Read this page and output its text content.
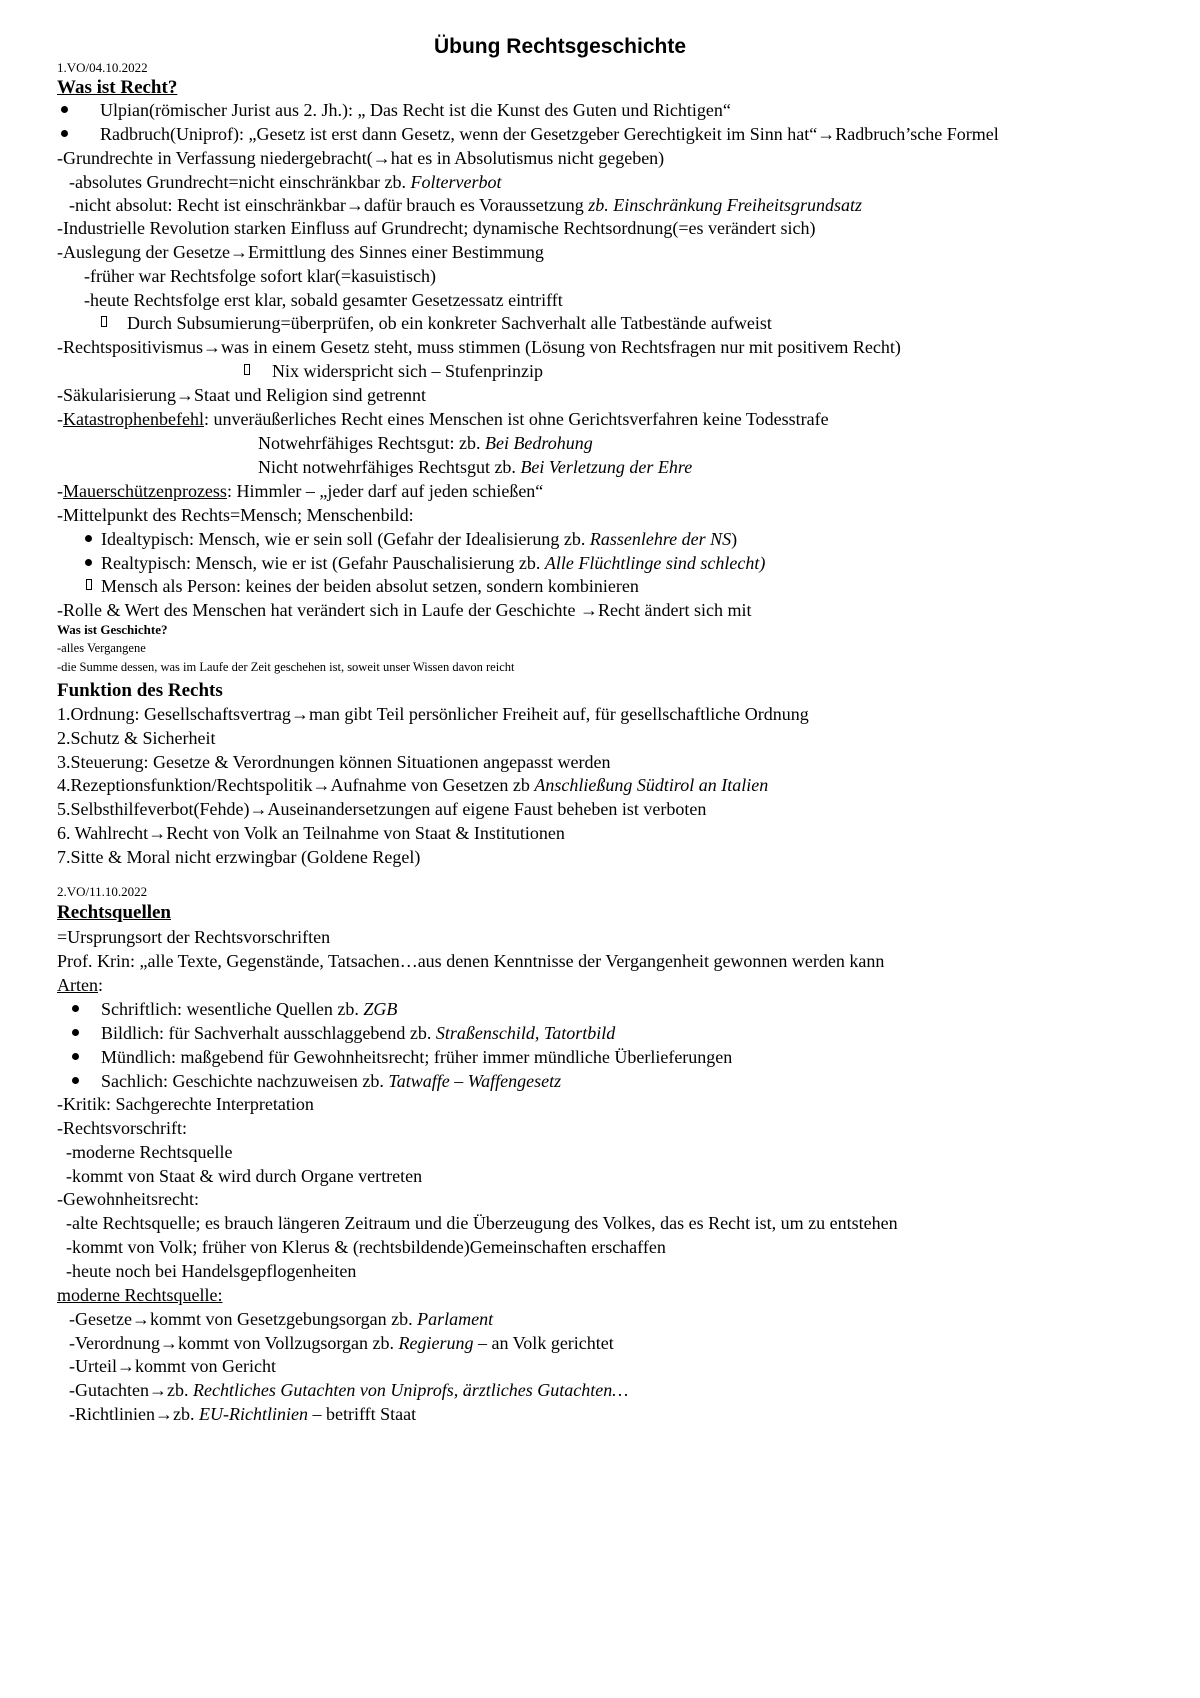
Übung Rechtsgeschichte
1.VO/04.10.2022
Was ist Recht?
Ulpian(römischer Jurist aus 2. Jh.): „ Das Recht ist die Kunst des Guten und Richtigen“
Radbruch(Uniprof): „Gesetz ist erst dann Gesetz, wenn der Gesetzgeber Gerechtigkeit im Sinn hat“→Radbruch’sche Formel
-Grundrechte in Verfassung niedergebracht(→hat es in Absolutismus nicht gegeben)
-absolutes Grundrecht=nicht einschränkbar zb. Folterverbot
-nicht absolut: Recht ist einschränkbar→dafür brauch es Voraussetzung zb. Einschränkung Freiheitsgrundsatz
-Industrielle Revolution starken Einfluss auf Grundrecht; dynamische Rechtsordnung(=es verändert sich)
-Auslegung der Gesetze→Ermittlung des Sinnes einer Bestimmung
-früher war Rechtsfolge sofort klar(=kasuistisch)
-heute Rechtsfolge erst klar, sobald gesamter Gesetzessatz eintrifft
Durch Subsumierung=überprüfen, ob ein konkreter Sachverhalt alle Tatbestände aufweist
-Rechtspositivismus→was in einem Gesetz steht, muss stimmen (Lösung von Rechtsfragen nur mit positivem Recht)
Nix widerspricht sich – Stufenprinzip
-Säkularisierung→Staat und Religion sind getrennt
-Katastrophenbefehl: unveräußerliches Recht eines Menschen ist ohne Gerichtsverfahren keine Todesstrafe
Notwehrfähiges Rechtsgut: zb. Bei Bedrohung
Nicht notwehrfähiges Rechtsgut zb. Bei Verletzung der Ehre
-Mauerschützenprozess: Himmler – „jeder darf auf jeden schießen“
-Mittelpunkt des Rechts=Mensch; Menschenbild:
Idealtypisch: Mensch, wie er sein soll (Gefahr der Idealisierung zb. Rassenlehre der NS)
Realtypisch: Mensch, wie er ist (Gefahr Pauschalisierung zb. Alle Flüchtlinge sind schlecht)
Mensch als Person: keines der beiden absolut setzen, sondern kombinieren
-Rolle & Wert des Menschen hat verändert sich in Laufe der Geschichte →Recht ändert sich mit
Was ist Geschichte?
-alles Vergangene
-die Summe dessen, was im Laufe der Zeit geschehen ist, soweit unser Wissen davon reicht
Funktion des Rechts
1.Ordnung: Gesellschaftsvertrag→man gibt Teil persönlicher Freiheit auf, für gesellschaftliche Ordnung
2.Schutz & Sicherheit
3.Steuerung: Gesetze & Verordnungen können Situationen angepasst werden
4.Rezeptionsfunktion/Rechtspolitik→Aufnahme von Gesetzen zb Anschließung Südtirol an Italien
5.Selbsthilfeverbot(Fehde)→Auseinandersetzungen auf eigene Faust beheben ist verboten
6. Wahlrecht→Recht von Volk an Teilnahme von Staat & Institutionen
7.Sitte & Moral nicht erzwingbar (Goldene Regel)
2.VO/11.10.2022
Rechtsquellen
=Ursprungsort der Rechtsvorschriften
Prof. Krin: „alle Texte, Gegenstände, Tatsachen…aus denen Kenntnisse der Vergangenheit gewonnen werden kann
Arten:
Schriftlich: wesentliche Quellen zb. ZGB
Bildlich: für Sachverhalt ausschlaggebend zb. Straßenschild, Tatortbild
Mündlich: maßgebend für Gewohnheitsrecht; früher immer mündliche Überlieferungen
Sachlich: Geschichte nachzuweisen zb. Tatwaffe – Waffengesetz
-Kritik: Sachgerechte Interpretation
-Rechtsvorschrift:
-moderne Rechtsquelle
-kommt von Staat & wird durch Organe vertreten
-Gewohnheitsrecht:
-alte Rechtsquelle; es brauch längeren Zeitraum und die Überzeugung des Volkes, das es Recht ist, um zu entstehen
-kommt von Volk; früher von Klerus & (rechtsbildende)Gemeinschaften erschaffen
-heute noch bei Handelsgepflogenheiten
moderne Rechtsquelle:
-Gesetze→kommt von Gesetzgebungsorgan zb. Parlament
-Verordnung→kommt von Vollzugsorgan zb. Regierung – an Volk gerichtet
-Urteil→kommt von Gericht
-Gutachten→zb. Rechtliches Gutachten von Uniprofs, ärztliches Gutachten…
-Richtlinien→zb. EU-Richtlinien – betrifft Staat
